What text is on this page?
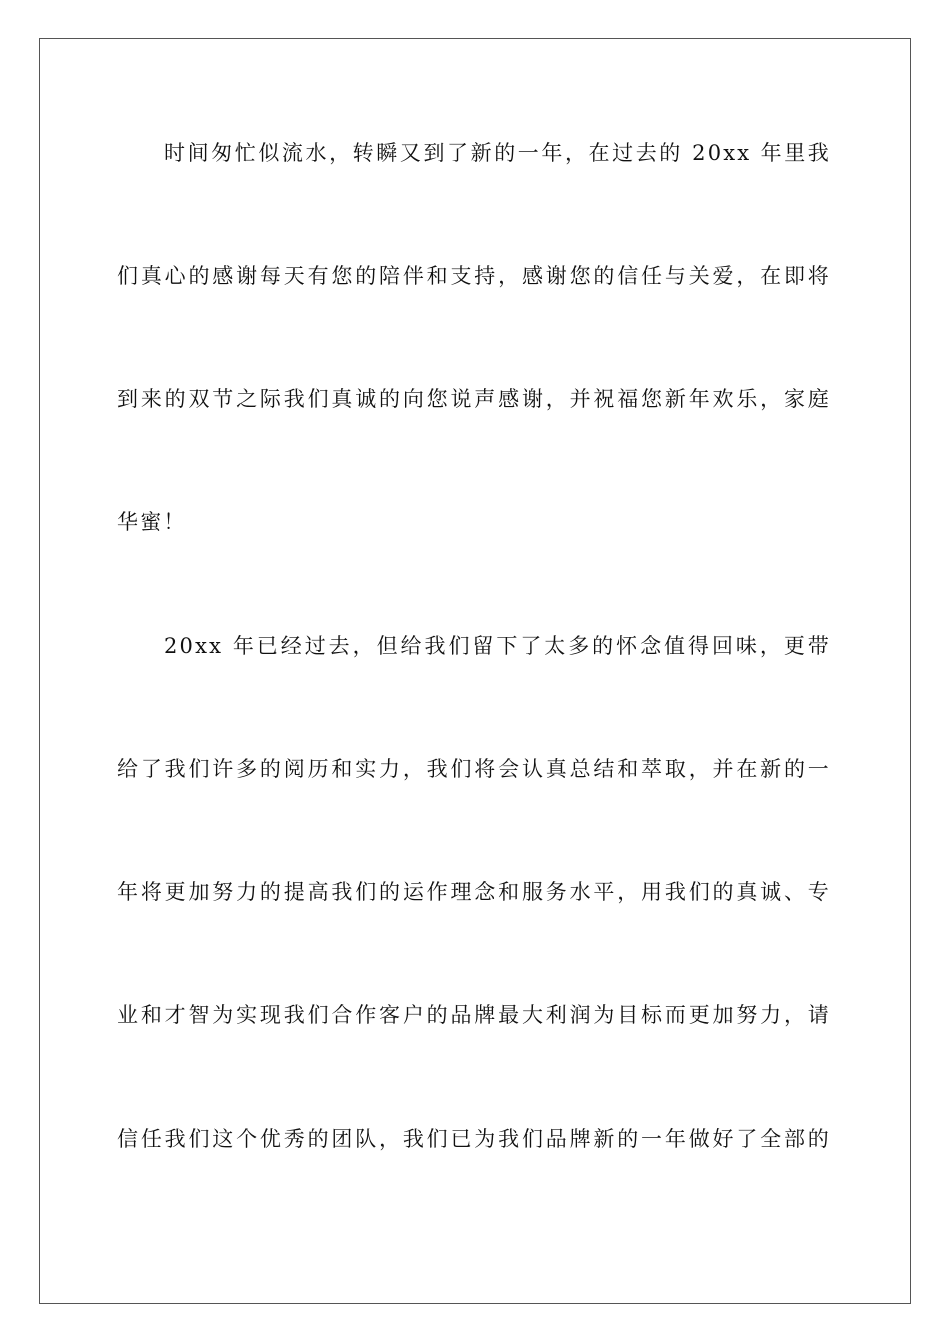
时间匆忙似流水，转瞬又到了新的一年，在过去的 20xx 年里我
们真心的感谢每天有您的陪伴和支持，感谢您的信任与关爱，在即将
到来的双节之际我们真诚的向您说声感谢，并祝福您新年欢乐，家庭
华蜜！
20xx 年已经过去，但给我们留下了太多的怀念值得回味，更带
给了我们许多的阅历和实力，我们将会认真总结和萃取，并在新的一
年将更加努力的提高我们的运作理念和服务水平，用我们的真诚、专
业和才智为实现我们合作客户的品牌最大利润为目标而更加努力，请
信任我们这个优秀的团队，我们已为我们品牌新的一年做好了全部的
